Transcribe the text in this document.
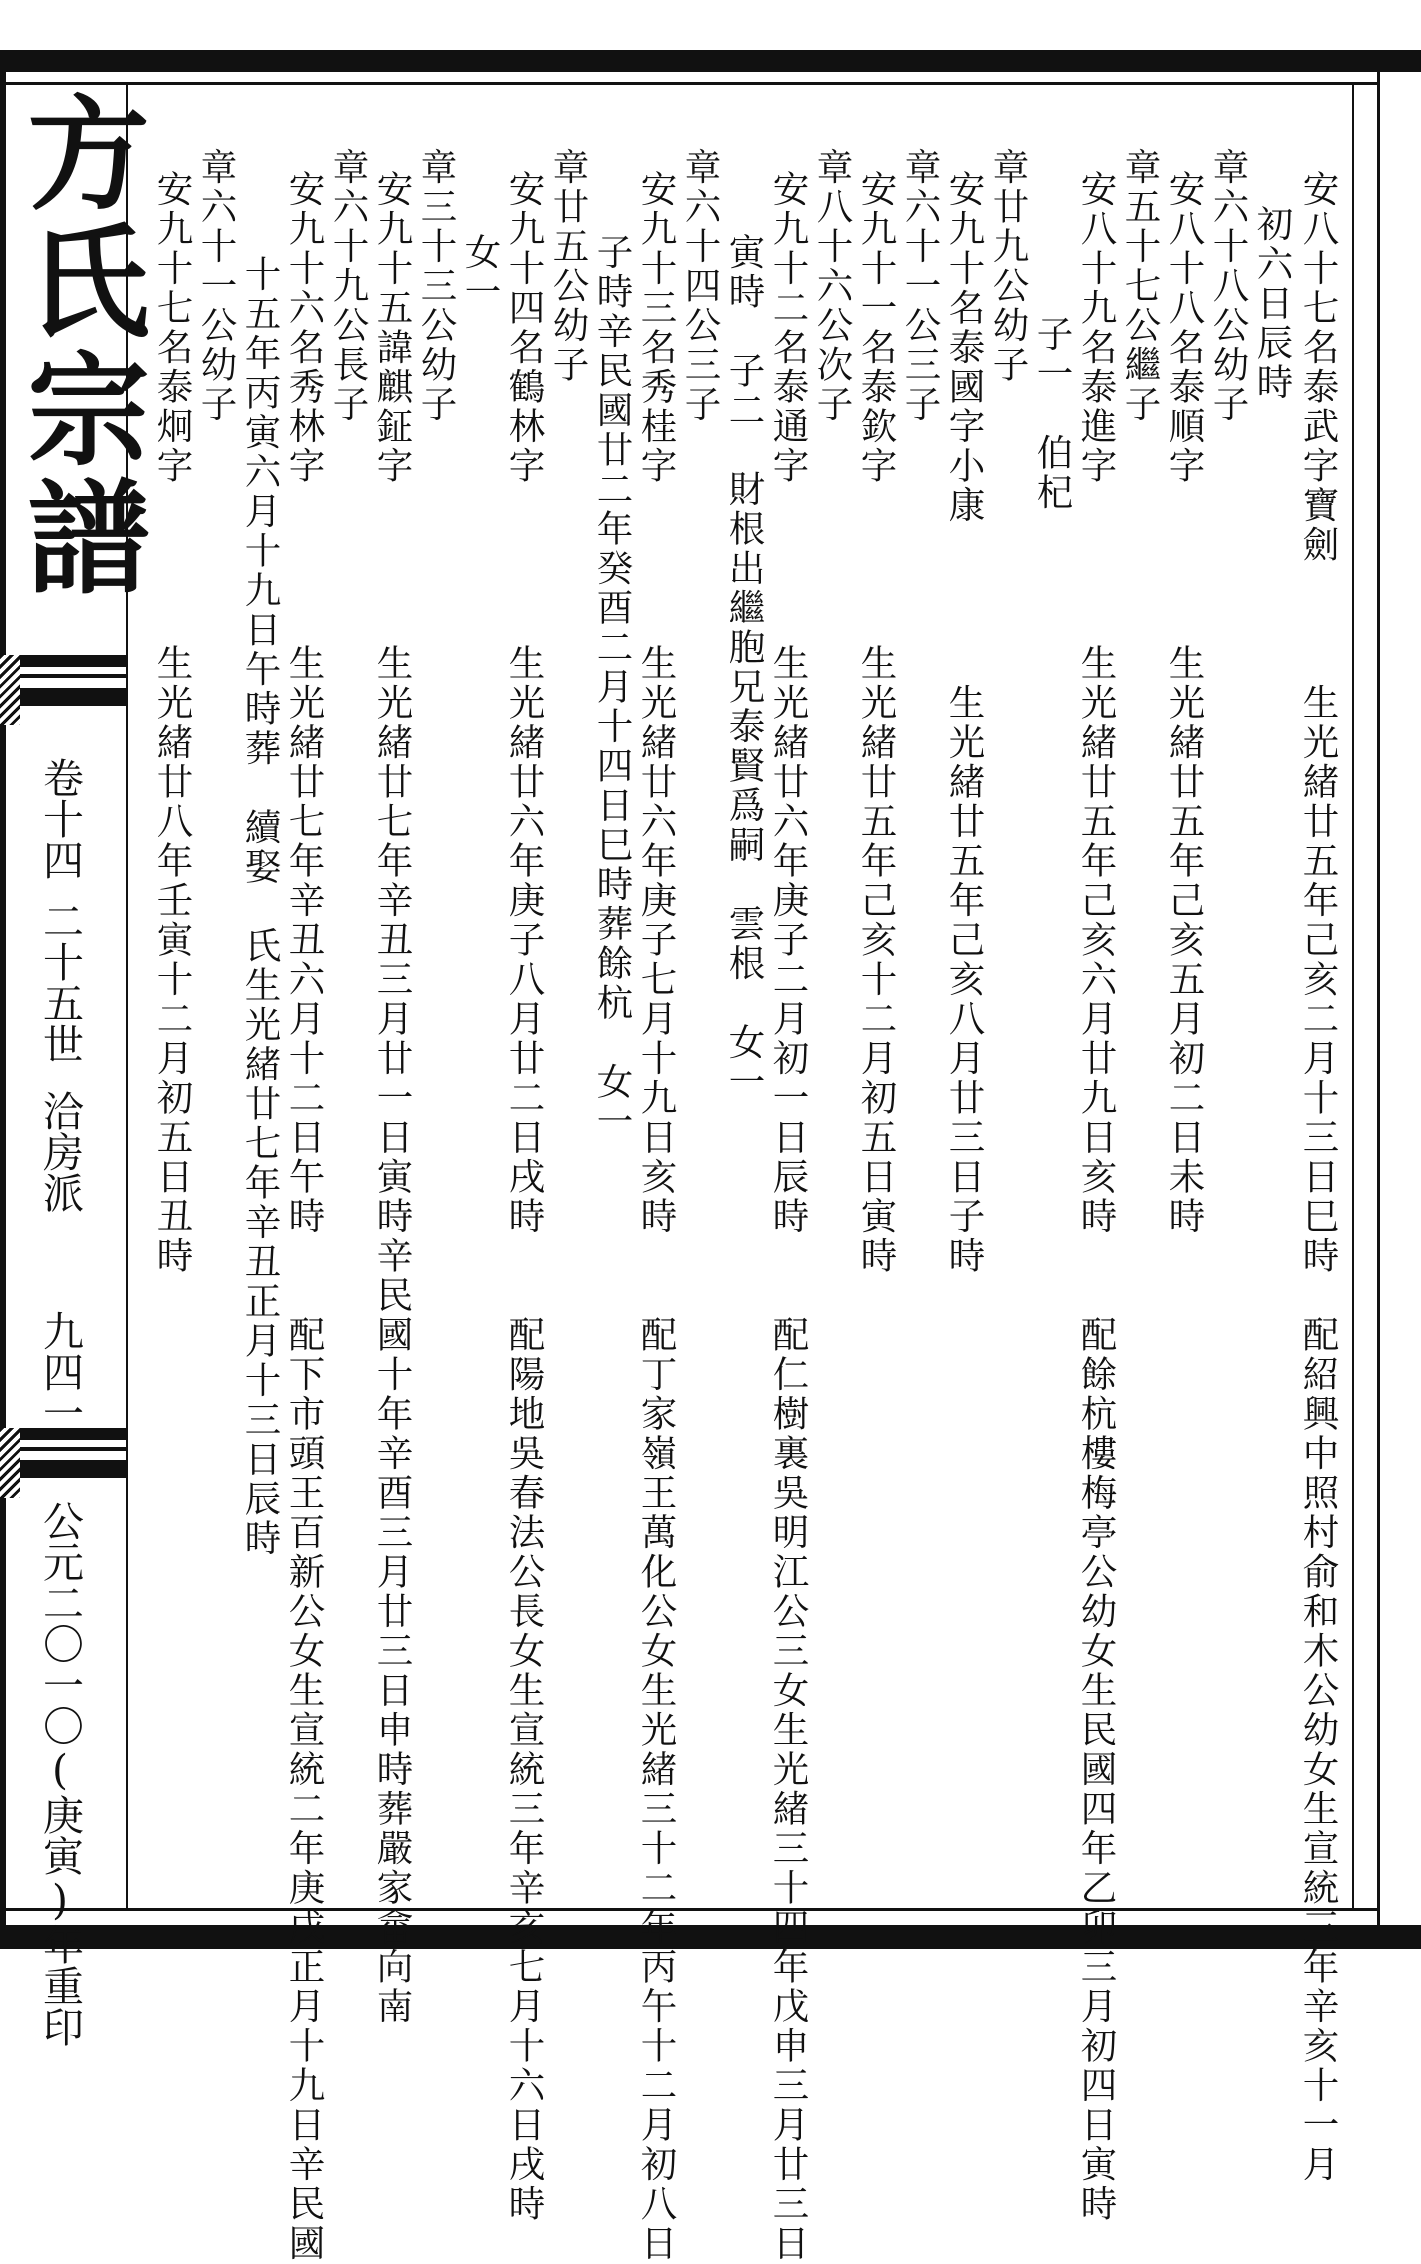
方氏宗譜
卷十四
二十五世
洽房派
九四一
公元二〇一〇(庚寅)年重印	安八十七名泰武字寶劍　　　生光緒廿五年己亥二月十三日巳時　配紹興中照村俞和木公幼女生宣統三年辛亥十一月
初六日辰時
章六十八公幼子
安八十八名泰順字　　　　生光緒廿五年己亥五月初二日未時
章五十七公繼子
安八十九名泰進字　　　　生光緒廿五年己亥六月廿九日亥時　　配餘杭樓梅亭公幼女生民國四年乙卯三月初四日寅時
子一　伯杞
章廿九公幼子
安九十名泰國字小康　　　　生光緒廿五年己亥八月廿三日子時
章六十一公三子
安九十一名泰欽字　　　　生光緒廿五年己亥十二月初五日寅時
章八十六公次子
安九十二名泰通字　　　　生光緒廿六年庚子二月初一日辰時　　配仁樹裏吳明江公三女生光緒三十四年戊申三月廿三日
寅時　子二　財根出繼胞兄泰賢爲嗣　雲根　女一
章六十四公三子
安九十三名秀桂字　　　　生光緒廿六年庚子七月十九日亥時　　配丁家嶺王萬化公女生光緒三十二年丙午十二月初八日
子時辛民國廿二年癸酉二月十四日巳時葬餘杭　女一
章廿五公幼子
安九十四名鶴林字　　　　生光緒廿六年庚子八月廿二日戌時　　配陽地吳春法公長女生宣統三年辛亥七月十六日戌時
女一
章三十三公幼子
安九十五諱麒鉦字　　　　生光緒廿七年辛丑三月廿一日寅時辛民國十年辛酉三月廿三日申時葬嚴家畲向南
章六十九公長子
安九十六名秀林字　　　　生光緒廿七年辛丑六月十二日午時　　配下市頭王百新公女生宣統二年庚戌正月十九日辛民國
十五年丙寅六月十九日午時葬　續娶　氏生光緒廿七年辛丑正月十三日辰時
章六十一公幼子
安九十七名泰炯字　　　　生光緒廿八年壬寅十二月初五日丑時
